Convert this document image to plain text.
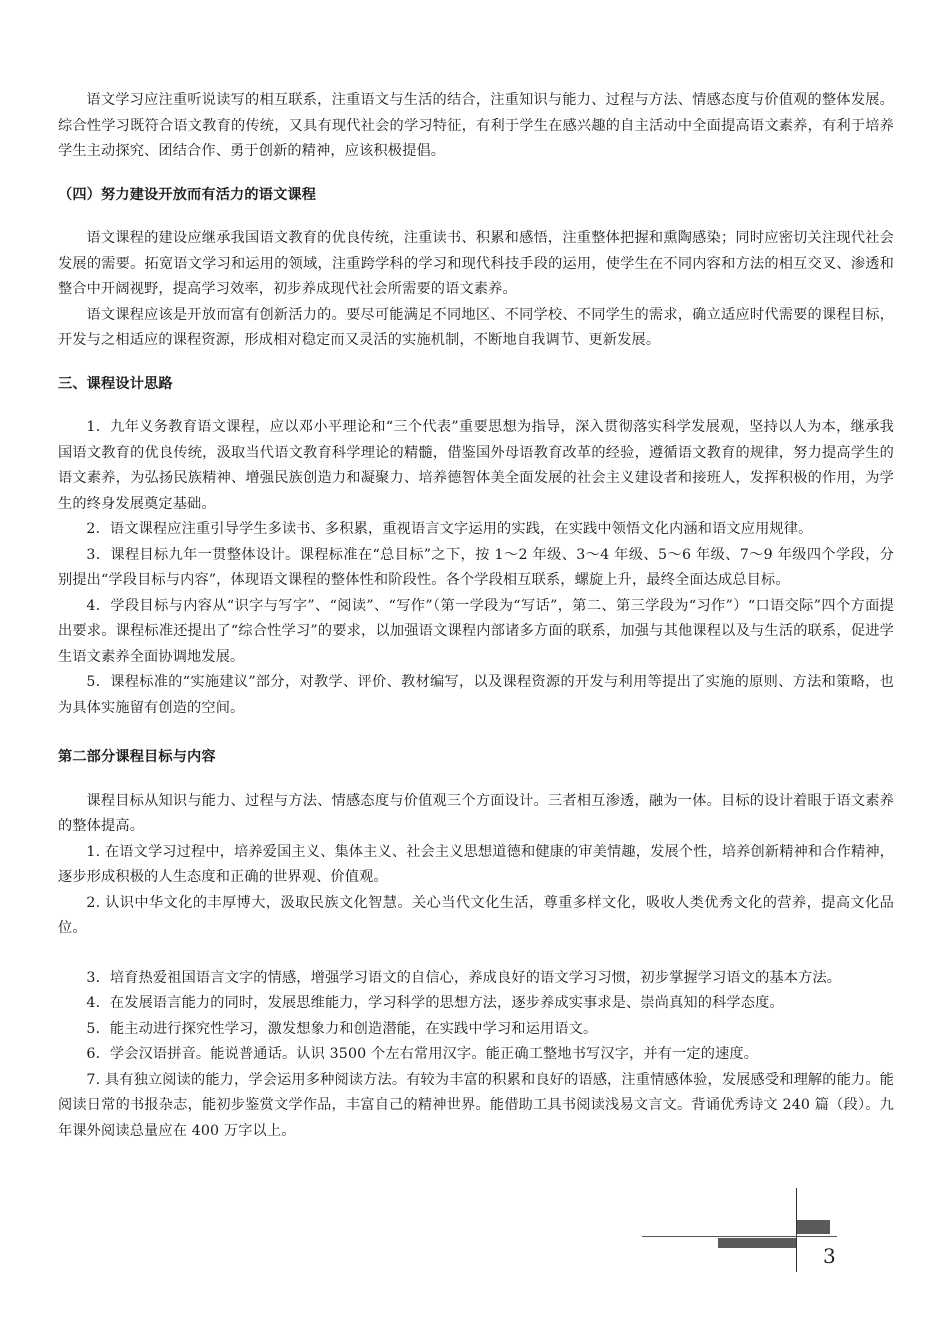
语文学习应注重听说读写的相互联系，注重语文与生活的结合，注重知识与能力、过程与方法、情感态度与价值观的整体发展。综合性学习既符合语文教育的传统，又具有现代社会的学习特征，有利于学生在感兴趣的自主活动中全面提高语文素养，有利于培养学生主动探究、团结合作、勇于创新的精神，应该积极提倡。

（四）努力建设开放而有活力的语文课程

语文课程的建设应继承我国语文教育的优良传统，注重读书、积累和感悟，注重整体把握和熏陶感染；同时应密切关注现代社会发展的需要。拓宽语文学习和运用的领域，注重跨学科的学习和现代科技手段的运用，使学生在不同内容和方法的相互交叉、渗透和整合中开阔视野，提高学习效率，初步养成现代社会所需要的语文素养。

语文课程应该是开放而富有创新活力的。要尽可能满足不同地区、不同学校、不同学生的需求，确立适应时代需要的课程目标，开发与之相适应的课程资源，形成相对稳定而又灵活的实施机制，不断地自我调节、更新发展。

三、课程设计思路

1．九年义务教育语文课程，应以邓小平理论和“三个代表”重要思想为指导，深入贯彻落实科学发展观，坚持以人为本，继承我国语文教育的优良传统，汲取当代语文教育科学理论的精髓，借鉴国外母语教育改革的经验，遵循语文教育的规律，努力提高学生的语文素养，为弘扬民族精神、增强民族创造力和凝聚力、培养德智体美全面发展的社会主义建设者和接班人，发挥积极的作用，为学生的终身发展奠定基础。

2．语文课程应注重引导学生多读书、多积累，重视语言文字运用的实践，在实践中领悟文化内涵和语文应用规律。

3．课程目标九年一贯整体设计。课程标准在“总目标”之下，按 1～2 年级、3～4 年级、5～6 年级、7～9 年级四个学段，分别提出“学段目标与内容”，体现语文课程的整体性和阶段性。各个学段相互联系，螺旋上升，最终全面达成总目标。

4．学段目标与内容从“识字与写字”、“阅读”、“写作”（第一学段为“写话”，第二、第三学段为“习作”）“口语交际”四个方面提出要求。课程标准还提出了“综合性学习”的要求，以加强语文课程内部诸多方面的联系，加强与其他课程以及与生活的联系，促进学生语文素养全面协调地发展。

5．课程标准的“实施建议”部分，对教学、评价、教材编写，以及课程资源的开发与利用等提出了实施的原则、方法和策略，也为具体实施留有创造的空间。

第二部分课程目标与内容

课程目标从知识与能力、过程与方法、情感态度与价值观三个方面设计。三者相互渗透，融为一体。目标的设计着眼于语文素养的整体提高。

1. 在语文学习过程中，培养爱国主义、集体主义、社会主义思想道德和健康的审美情趣，发展个性，培养创新精神和合作精神，逐步形成积极的人生态度和正确的世界观、价值观。

2. 认识中华文化的丰厚博大，汲取民族文化智慧。关心当代文化生活，尊重多样文化，吸收人类优秀文化的营养，提高文化品位。

3．培育热爱祖国语言文字的情感，增强学习语文的自信心，养成良好的语文学习习惯，初步掌握学习语文的基本方法。

4．在发展语言能力的同时，发展思维能力，学习科学的思想方法，逐步养成实事求是、崇尚真知的科学态度。

5．能主动进行探究性学习，激发想象力和创造潜能，在实践中学习和运用语文。

6．学会汉语拼音。能说普通话。认识 3500 个左右常用汉字。能正确工整地书写汉字，并有一定的速度。

7. 具有独立阅读的能力，学会运用多种阅读方法。有较为丰富的积累和良好的语感，注重情感体验，发展感受和理解的能力。能阅读日常的书报杂志，能初步鉴赏文学作品，丰富自己的精神世界。能借助工具书阅读浅易文言文。背诵优秀诗文 240 篇（段）。九年课外阅读总量应在 400 万字以上。

3
